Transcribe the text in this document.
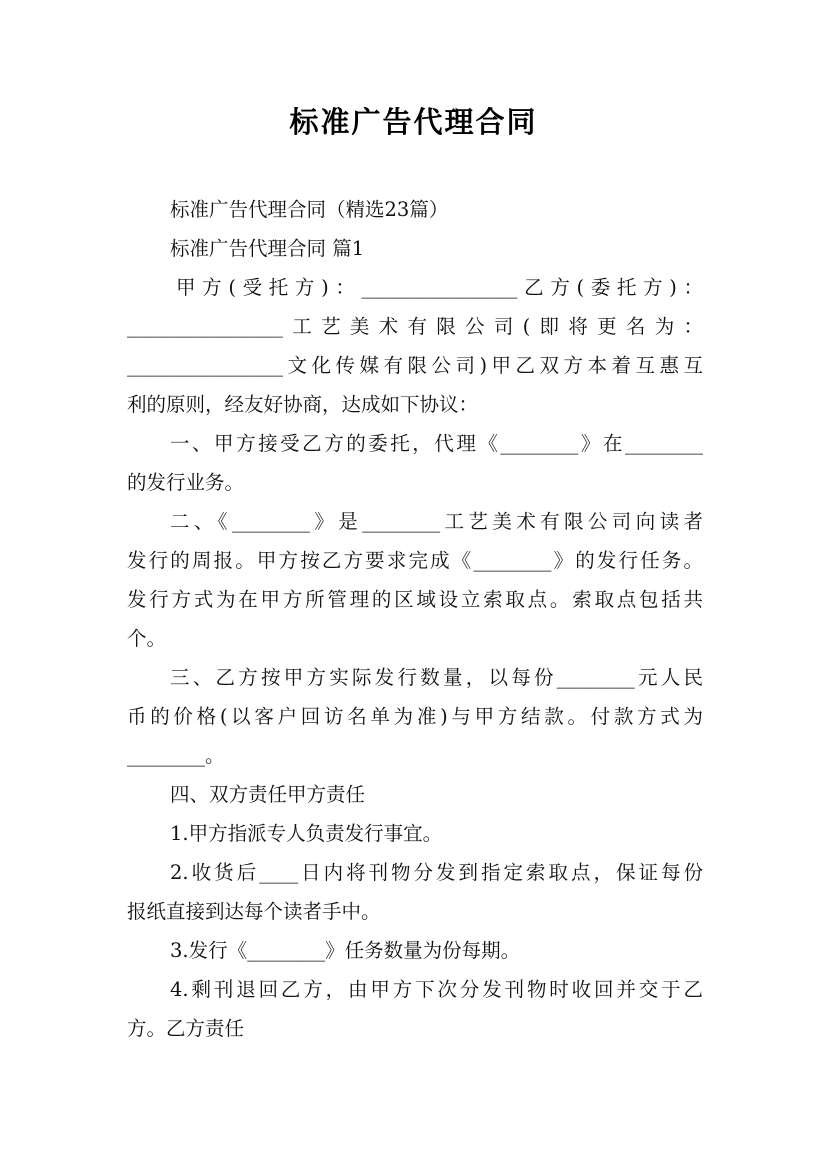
标准广告代理合同
标准广告代理合同（精选23篇）
标准广告代理合同 篇1
甲方(受托方)：________________乙方(委托方)：
________________工艺美术有限公司(即将更名为：
________________文化传媒有限公司)甲乙双方本着互惠互
利的原则，经友好协商，达成如下协议：
一、甲方接受乙方的委托，代理《________》在________
的发行业务。
二、《________》是________工艺美术有限公司向读者
发行的周报。甲方按乙方要求完成《________》的发行任务。
发行方式为在甲方所管理的区域设立索取点。索取点包括共
个。
三、乙方按甲方实际发行数量，以每份________元人民
币的价格(以客户回访名单为准)与甲方结款。付款方式为
________。
四、双方责任甲方责任
1.甲方指派专人负责发行事宜。
2.收货后____日内将刊物分发到指定索取点，保证每份
报纸直接到达每个读者手中。
3.发行《________》任务数量为份每期。
4.剩刊退回乙方，由甲方下次分发刊物时收回并交于乙
方。乙方责任
